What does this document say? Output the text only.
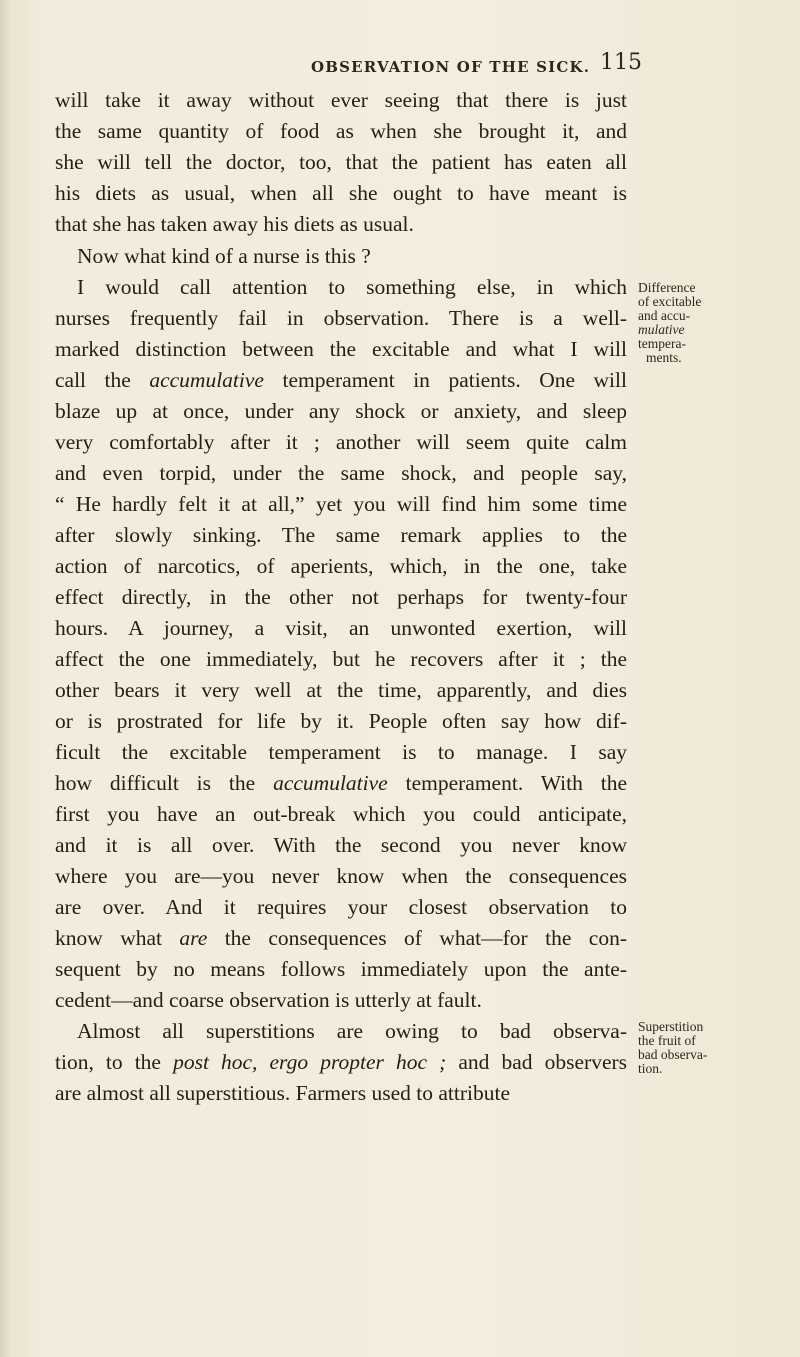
OBSERVATION OF THE SICK. 115
will take it away without ever seeing that there is just
the same quantity of food as when she brought it, and
she will tell the doctor, too, that the patient has eaten all
his diets as usual, when all she ought to have meant is
that she has taken away his diets as usual.
Now what kind of a nurse is this ?
I would call attention to something else, in which
nurses frequently fail in observation. There is a well-
marked distinction between the excitable and what I will
call the accumulative temperament in patients. One will
blaze up at once, under any shock or anxiety, and sleep
very comfortably after it ; another will seem quite calm
and even torpid, under the same shock, and people say,
“ He hardly felt it at all,” yet you will find him some time
after slowly sinking. The same remark applies to the
action of narcotics, of aperients, which, in the one, take
effect directly, in the other not perhaps for twenty-four
hours. A journey, a visit, an unwonted exertion, will
affect the one immediately, but he recovers after it ; the
other bears it very well at the time, apparently, and dies
or is prostrated for life by it. People often say how dif-
ficult the excitable temperament is to manage. I say
how difficult is the accumulative temperament. With the
first you have an out-break which you could anticipate,
and it is all over. With the second you never know
where you are—you never know when the consequences
are over. And it requires your closest observation to
know what are the consequences of what—for the con-
sequent by no means follows immediately upon the ante-
cedent—and coarse observation is utterly at fault.
Almost all superstitions are owing to bad observa-
tion, to the post hoc, ergo propter hoc ; and bad observers
are almost all superstitious. Farmers used to attribute
Difference
of excitable
and accu-
mulative
tempera-
ments.
Superstition
the fruit of
bad observa-
tion.
